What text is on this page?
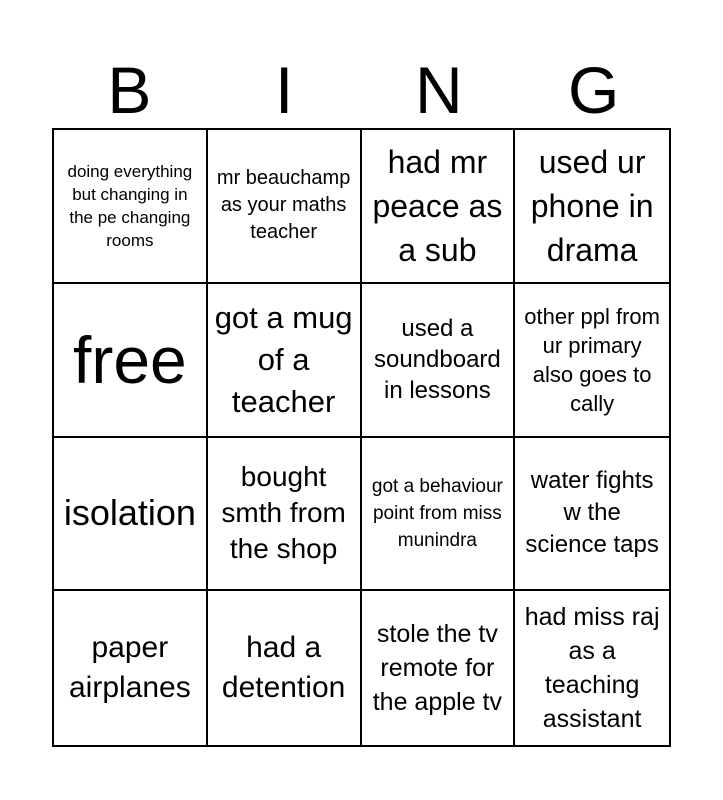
B	I	N	G
doing everything but changing in the pe changing rooms
mr beauchamp as your maths teacher
had mr peace as a sub
used ur phone in drama
free
got a mug of a teacher
used a soundboard in lessons
other ppl from ur primary also goes to cally
isolation
bought smth from the shop
got a behaviour point from miss munindra
water fights w the science taps
paper airplanes
had a detention
stole the tv remote for the apple tv
had miss raj as a teaching assistant
